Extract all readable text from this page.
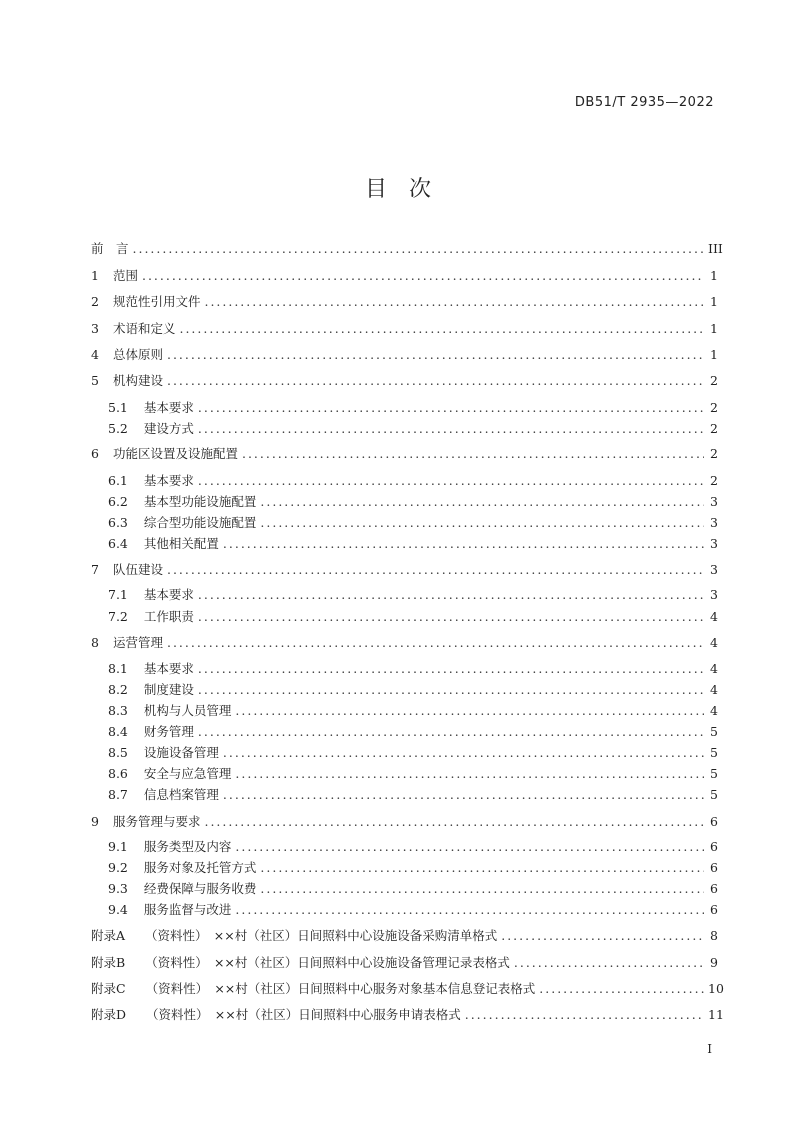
DB51/T 2935—2022
目 次
前　言 .....	III
1 范围 .....	1
2 规范性引用文件 .....	1
3 术语和定义 .....	1
4 总体原则 .....	1
5 机构建设 .....	2
5.1 基本要求 .....	2
5.2 建设方式 .....	2
6 功能区设置及设施配置 .....	2
6.1 基本要求 .....	2
6.2 基本型功能设施配置 .....	3
6.3 综合型功能设施配置 .....	3
6.4 其他相关配置 .....	3
7 队伍建设 .....	3
7.1 基本要求 .....	3
7.2 工作职责 .....	4
8 运营管理 .....	4
8.1 基本要求 .....	4
8.2 制度建设 .....	4
8.3 机构与人员管理 .....	4
8.4 财务管理 .....	5
8.5 设施设备管理 .....	5
8.6 安全与应急管理 .....	5
8.7 信息档案管理 .....	5
9 服务管理与要求 .....	6
9.1 服务类型及内容 .....	6
9.2 服务对象及托管方式 .....	6
9.3 经费保障与服务收费 .....	6
9.4 服务监督与改进 .....	6
附录A （资料性）　××村（社区）日间照料中心设施设备采购清单格式 .....	8
附录B （资料性）　××村（社区）日间照料中心设施设备管理记录表格式 .....	9
附录C （资料性）　××村（社区）日间照料中心服务对象基本信息登记表格式 .....	10
附录D （资料性）　××村（社区）日间照料中心服务申请表格式 .....	11
I
